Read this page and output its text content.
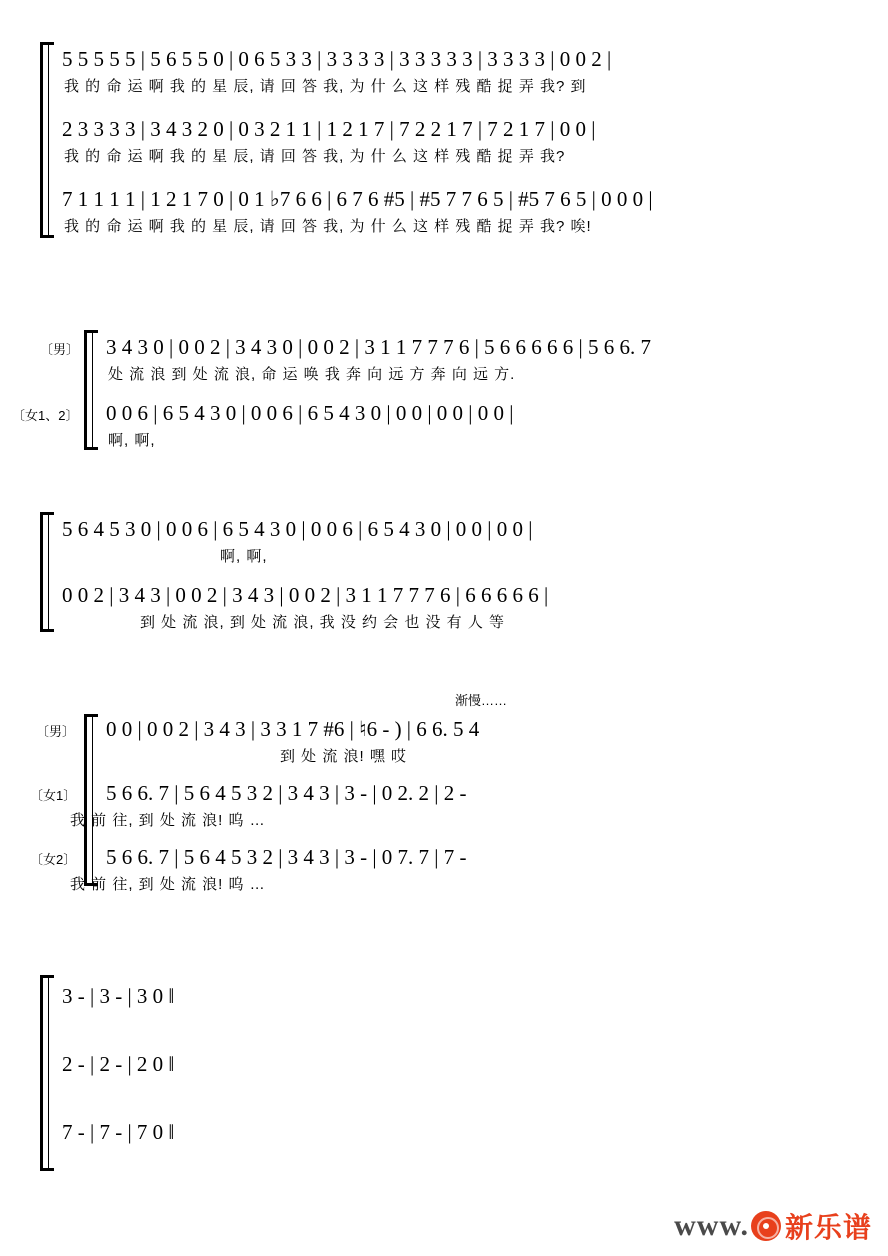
5 5 5 5 5 | 5 6 5 5 0 | 0 6 5 3 3 | 3 3 3 3 | 3 3 3 3 3 | 3 3 3 3 | 0 0 2 |
我 的 命 运 啊 我 的 星 辰, 请 回 答 我, 为 什 么 这 样 残 酷 捉 弄 我? 到
2 3 3 3 3 | 3 4 3 2 0 | 0 3 2 1 1 | 1 2 1 7 | 7 2 2 1 7 | 7 2 1 7 | 0 0 |
我 的 命 运 啊 我 的 星 辰, 请 回 答 我, 为 什 么 这 样 残 酷 捉 弄 我?
7 1 1 1 1 | 1 2 1 7 0 | 0 1 ♭7 6 6 | 6 7 6 #5 | #5 7 7 6 5 | #5 7 6 5 | 0 0 0 |
我 的 命 运 啊 我 的 星 辰, 请 回 答 我, 为 什 么 这 样 残 酷 捉 弄 我? 唉!
〔男〕 3 4 3 0 | 0 0 2 | 3 4 3 0 | 0 0 2 | 3 1 1 7 7 7 6 | 5 6 6 6 6 6 | 5 6 6. 7
处 流 浪 到 处 流 浪, 命 运 唤 我 奔 向 远 方 奔 向 远 方.
〔女1、2〕 0 0 6 | 6 5 4 3 0 | 0 0 6 | 6 5 4 3 0 | 0 0 | 0 0 | 0 0 |
啊, 啊,
5 6 4 5 3 0 | 0 0 6 | 6 5 4 3 0 | 0 0 6 | 6 5 4 3 0 | 0 0 | 0 0 |
啊, 啊,
0 0 2 | 3 4 3 | 0 0 2 | 3 4 3 | 0 0 2 | 3 1 1 7 7 7 6 | 6 6 6 6 6 |
到 处 流 浪, 到 处 流 浪, 我 没 约 会 也 没 有 人 等
渐慢……
〔男〕 0 0 | 0 0 2 | 3 4 3 | 3 3 1 7 #6 | ♮6 - ) | 6 6. 5 4
到 处 流 浪! 嘿 哎
〔女1〕 5 6 6. 7 | 5 6 4 5 3 2 | 3 4 3 | 3 - | 0 2. 2 | 2 -
我 前 往, 到 处 流 浪! 呜 …
〔女2〕 5 6 6. 7 | 5 6 4 5 3 2 | 3 4 3 | 3 - | 0 7. 7 | 7 -
我 前 往, 到 处 流 浪! 呜 …
3 - | 3 - | 3 0 ‖
2 - | 2 - | 2 0 ‖
7 - | 7 - | 7 0 ‖
www. 新乐谱
